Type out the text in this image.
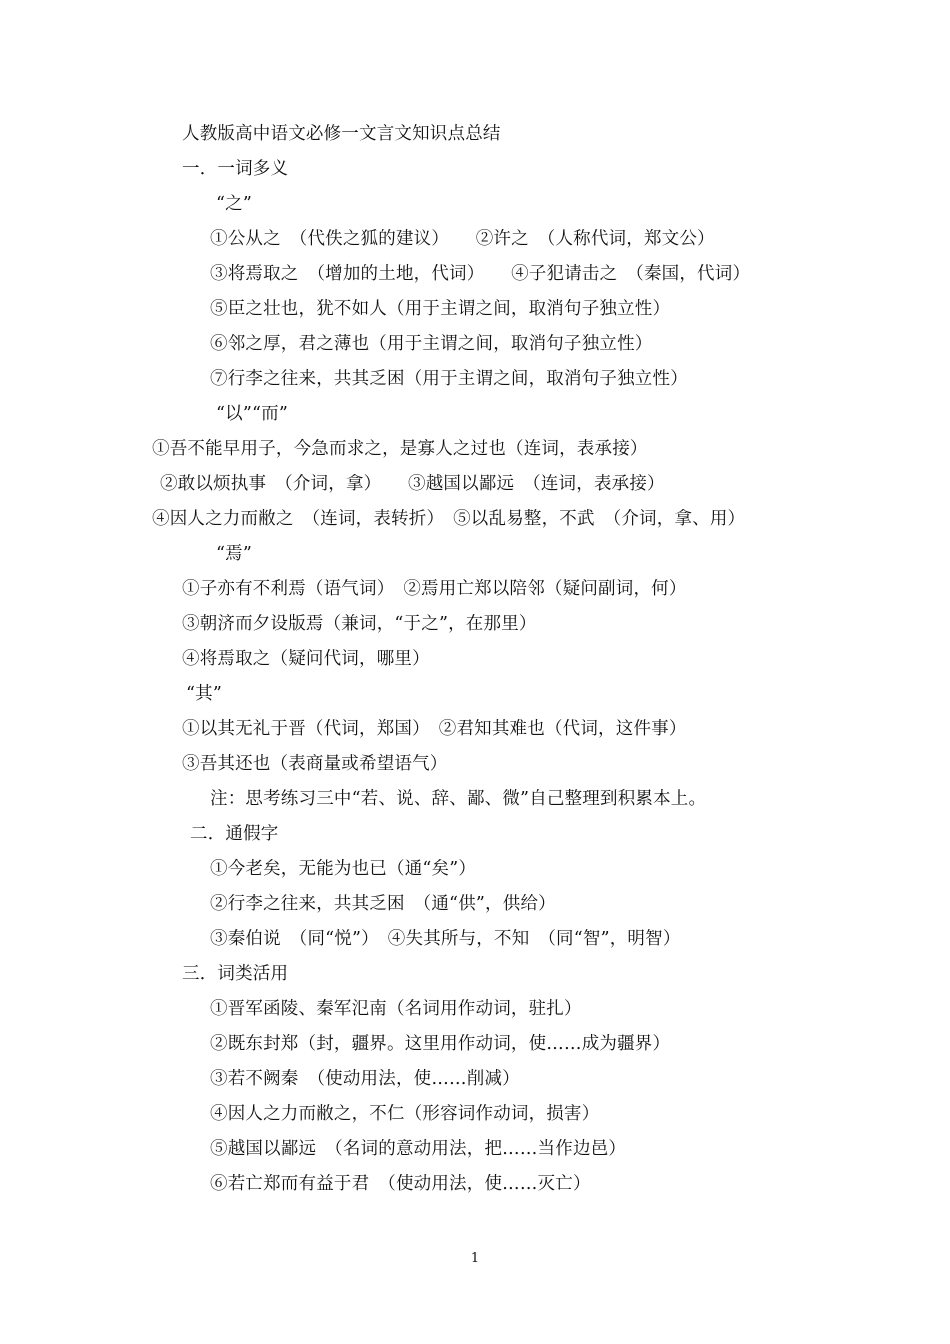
人教版高中语文必修一文言文知识点总结
一．一词多义
“之”
①公从之　（代佚之狐的建议）　　②许之　（人称代词，郑文公）
③将焉取之　（增加的土地，代词）　　④子犯请击之　（秦国，代词）
⑤臣之壮也，犹不如人（用于主谓之间，取消句子独立性）
⑥邻之厚，君之薄也（用于主谓之间，取消句子独立性）
⑦行李之往来，共其乏困（用于主谓之间，取消句子独立性）
“以”“而”
①吾不能早用子，今急而求之，是寡人之过也（连词，表承接）
②敢以烦执事　（介词，拿）　　③越国以鄙远　（连词，表承接）
④因人之力而敝之　（连词，表转折）　⑤以乱易整，不武　（介词，拿、用）
“焉”
①子亦有不利焉（语气词）　②焉用亡郑以陪邻（疑问副词，何）
③朝济而夕设版焉（兼词，“于之”，在那里）
④将焉取之（疑问代词，哪里）
“其”
①以其无礼于晋（代词，郑国）　②君知其难也（代词，这件事）
③吾其还也（表商量或希望语气）
注：思考练习三中“若、说、辞、鄙、微”自己整理到积累本上。
二．通假字
①今老矣，无能为也已（通“矣”）
②行李之往来，共其乏困　（通“供”，供给）
③秦伯说　（同“悦”）　④失其所与，不知　（同“智”，明智）
三．词类活用
①晋军函陵、秦军氾南（名词用作动词，驻扎）
②既东封郑（封，疆界。这里用作动词，使……成为疆界）
③若不阙秦　（使动用法，使……削减）
④因人之力而敝之，不仁（形容词作动词，损害）
⑤越国以鄙远　（名词的意动用法，把……当作边邑）
⑥若亡郑而有益于君　（使动用法，使……灭亡）
1
